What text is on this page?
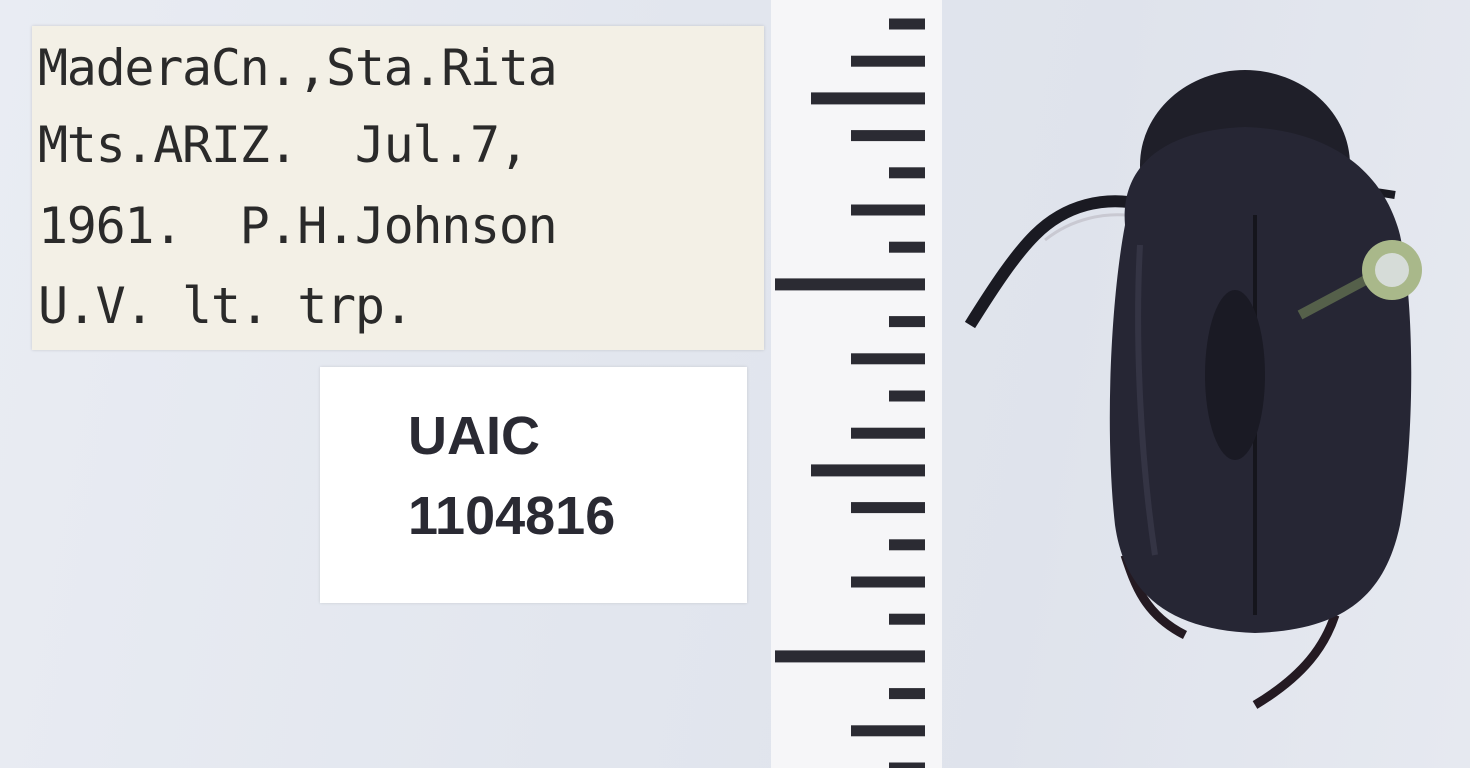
MaderaCn.,Sta.Rita
Mts.ARIZ.  Jul.7,
1961.  P.H.Johnson
U.V. lt. trp.
UAIC
1104816
